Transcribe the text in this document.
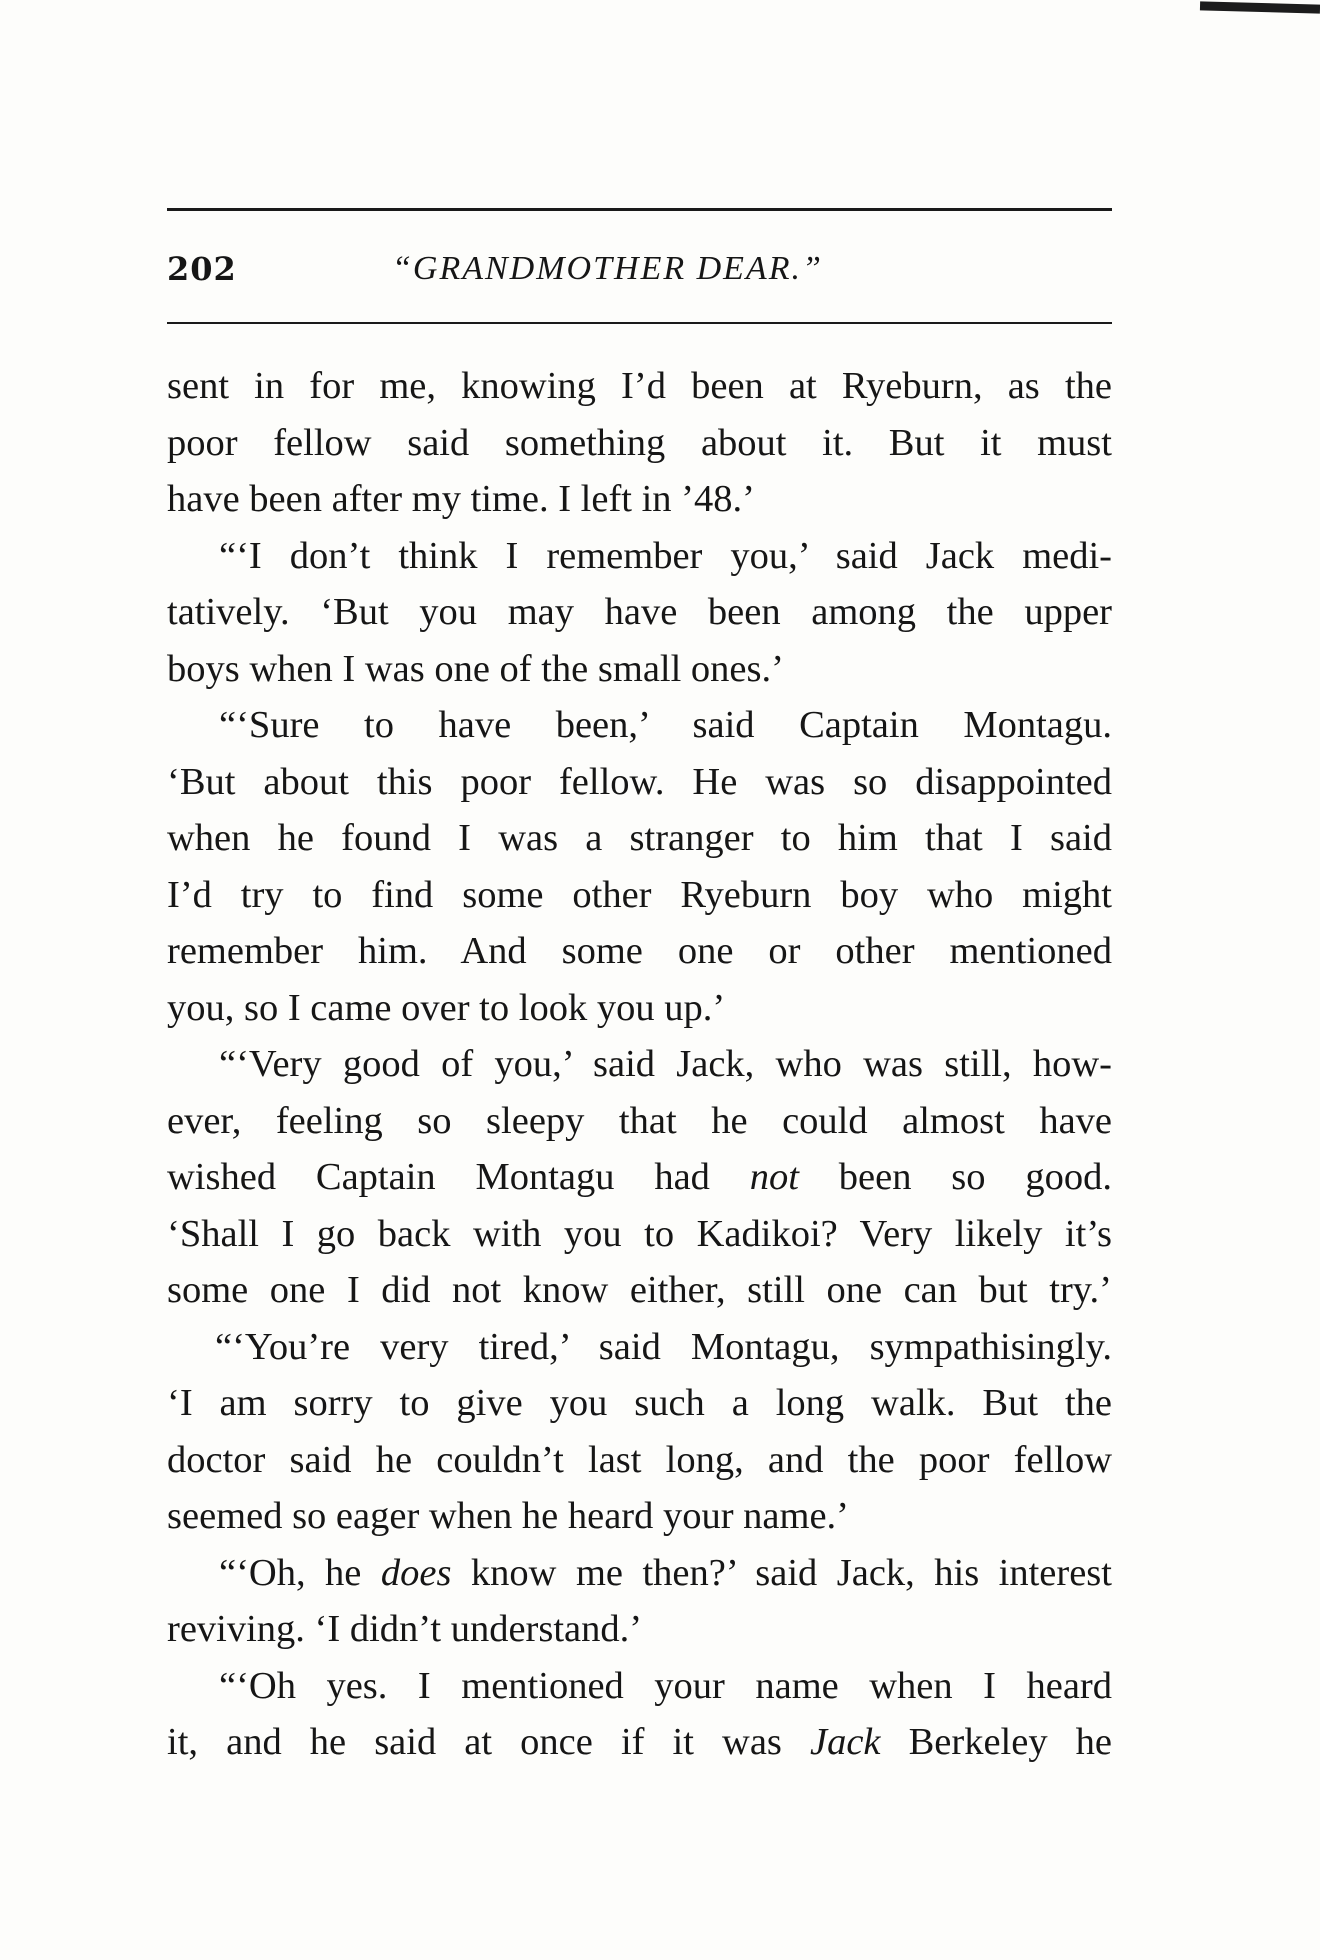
202	“GRANDMOTHER DEAR.”
sent in for me, knowing I’d been at Ryeburn, as the
poor fellow said something about it. But it must
have been after my time. I left in ’48.’
“‘I don’t think I remember you,’ said Jack medi-
tatively. ‘But you may have been among the upper
boys when I was one of the small ones.’
“‘Sure to have been,’ said Captain Montagu.
‘But about this poor fellow. He was so disappointed
when he found I was a stranger to him that I said
I’d try to find some other Ryeburn boy who might
remember him. And some one or other mentioned
you, so I came over to look you up.’
“‘Very good of you,’ said Jack, who was still, how-
ever, feeling so sleepy that he could almost have
wished Captain Montagu had not been so good.
‘Shall I go back with you to Kadikoi? Very likely it’s
some one I did not know either, still one can but try.’
“‘You’re very tired,’ said Montagu, sympathisingly.
‘I am sorry to give you such a long walk. But the
doctor said he couldn’t last long, and the poor fellow
seemed so eager when he heard your name.’
“‘Oh, he does know me then?’ said Jack, his interest
reviving. ‘I didn’t understand.’
“‘Oh yes. I mentioned your name when I heard
it, and he said at once if it was Jack Berkeley he
